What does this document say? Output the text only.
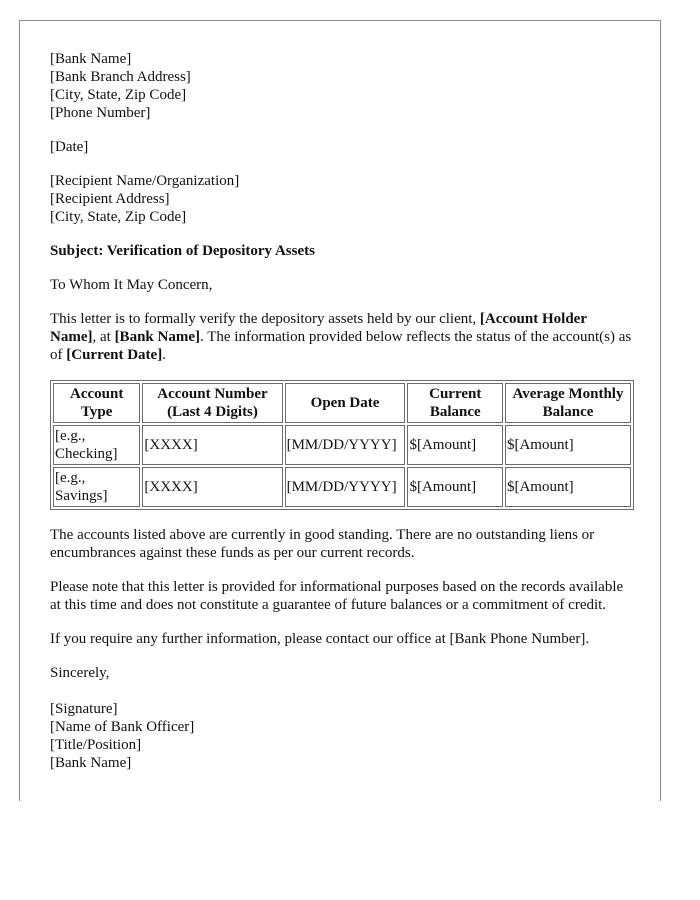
[Bank Name]
[Bank Branch Address]
[City, State, Zip Code]
[Phone Number]
[Date]
[Recipient Name/Organization]
[Recipient Address]
[City, State, Zip Code]
Subject: Verification of Depository Assets
To Whom It May Concern,
This letter is to formally verify the depository assets held by our client, [Account Holder Name], at [Bank Name]. The information provided below reflects the status of the account(s) as of [Current Date].
Account Type	Account Number (Last 4 Digits)	Open Date	Current Balance	Average Monthly Balance
[e.g., Checking]	[XXXX]	[MM/DD/YYYY]	$[Amount]	$[Amount]
[e.g., Savings]	[XXXX]	[MM/DD/YYYY]	$[Amount]	$[Amount]
The accounts listed above are currently in good standing. There are no outstanding liens or encumbrances against these funds as per our current records.
Please note that this letter is provided for informational purposes based on the records available at this time and does not constitute a guarantee of future balances or a commitment of credit.
If you require any further information, please contact our office at [Bank Phone Number].
Sincerely,
[Signature]
[Name of Bank Officer]
[Title/Position]
[Bank Name]
